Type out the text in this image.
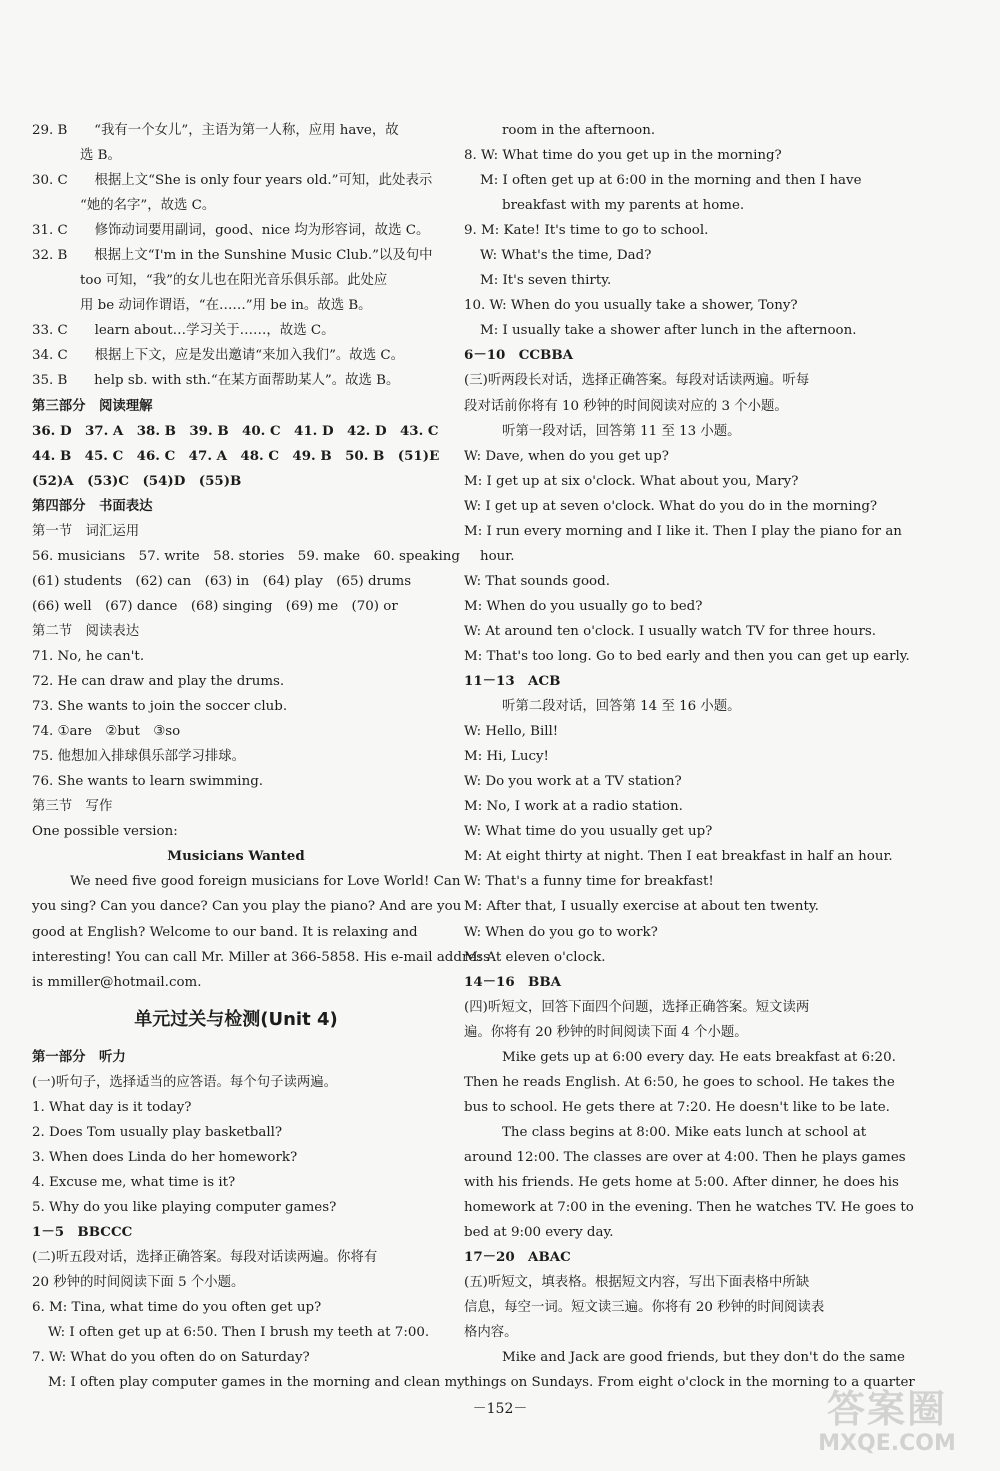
29. B　　“我有一个女儿”，主语为第一人称，应用 have，故
选 B。
30. C　　根据上文“She is only four years old.”可知，此处表示
“她的名字”，故选 C。
31. C　　修饰动词要用副词，good、nice 均为形容词，故选 C。
32. B　　根据上文“I'm in the Sunshine Music Club.”以及句中
too 可知，“我”的女儿也在阳光音乐俱乐部。此处应
用 be 动词作谓语，“在……”用 be in。故选 B。
33. C　　learn about…学习关于……，故选 C。
34. C　　根据上下文，应是发出邀请“来加入我们”。故选 C。
35. B　　help sb. with sth.“在某方面帮助某人”。故选 B。
第三部分　阅读理解
36. D　37. A　38. B　39. B　40. C　41. D　42. D　43. C
44. B　45. C　46. C　47. A　48. C　49. B　50. B　(51)E
(52)A　(53)C　(54)D　(55)B
第四部分　书面表达
第一节　词汇运用
56. musicians　57. write　58. stories　59. make　60. speaking
(61) students　(62) can　(63) in　(64) play　(65) drums
(66) well　(67) dance　(68) singing　(69) me　(70) or
第二节　阅读表达
71. No, he can't.
72. He can draw and play the drums.
73. She wants to join the soccer club.
74. ①are　②but　③so
75. 他想加入排球俱乐部学习排球。
76. She wants to learn swimming.
第三节　写作
One possible version:
Musicians Wanted
We need five good foreign musicians for Love World! Can
you sing? Can you dance? Can you play the piano? And are you
good at English? Welcome to our band. It is relaxing and
interesting! You can call Mr. Miller at 366-5858. His e-mail address
is mmiller@hotmail.com.
单元过关与检测(Unit 4)
第一部分　听力
(一)听句子，选择适当的应答语。每个句子读两遍。
1. What day is it today?
2. Does Tom usually play basketball?
3. When does Linda do her homework?
4. Excuse me, what time is it?
5. Why do you like playing computer games?
1－5　BBCCC
(二)听五段对话，选择正确答案。每段对话读两遍。你将有
20 秒钟的时间阅读下面 5 个小题。
6. M: Tina, what time do you often get up?
W: I often get up at 6:50. Then I brush my teeth at 7:00.
7. W: What do you often do on Saturday?
M: I often play computer games in the morning and clean my
room in the afternoon.
8. W: What time do you get up in the morning?
M: I often get up at 6:00 in the morning and then I have
breakfast with my parents at home.
9. M: Kate! It's time to go to school.
W: What's the time, Dad?
M: It's seven thirty.
10. W: When do you usually take a shower, Tony?
M: I usually take a shower after lunch in the afternoon.
6－10　CCBBA
(三)听两段长对话，选择正确答案。每段对话读两遍。听每
段对话前你将有 10 秒钟的时间阅读对应的 3 个小题。
听第一段对话，回答第 11 至 13 小题。
W: Dave, when do you get up?
M: I get up at six o'clock. What about you, Mary?
W: I get up at seven o'clock. What do you do in the morning?
M: I run every morning and I like it. Then I play the piano for an
hour.
W: That sounds good.
M: When do you usually go to bed?
W: At around ten o'clock. I usually watch TV for three hours.
M: That's too long. Go to bed early and then you can get up early.
11－13　ACB
听第二段对话，回答第 14 至 16 小题。
W: Hello, Bill!
M: Hi, Lucy!
W: Do you work at a TV station?
M: No, I work at a radio station.
W: What time do you usually get up?
M: At eight thirty at night. Then I eat breakfast in half an hour.
W: That's a funny time for breakfast!
M: After that, I usually exercise at about ten twenty.
W: When do you go to work?
M: At eleven o'clock.
14－16　BBA
(四)听短文，回答下面四个问题，选择正确答案。短文读两
遍。你将有 20 秒钟的时间阅读下面 4 个小题。
Mike gets up at 6:00 every day. He eats breakfast at 6:20.
Then he reads English. At 6:50, he goes to school. He takes the
bus to school. He gets there at 7:20. He doesn't like to be late.
The class begins at 8:00. Mike eats lunch at school at
around 12:00. The classes are over at 4:00. Then he plays games
with his friends. He gets home at 5:00. After dinner, he does his
homework at 7:00 in the evening. Then he watches TV. He goes to
bed at 9:00 every day.
17－20　ABAC
(五)听短文，填表格。根据短文内容，写出下面表格中所缺
信息，每空一词。短文读三遍。你将有 20 秒钟的时间阅读表
格内容。
Mike and Jack are good friends, but they don't do the same
things on Sundays. From eight o'clock in the morning to a quarter
－152－	答案圈
MXQE.COM
